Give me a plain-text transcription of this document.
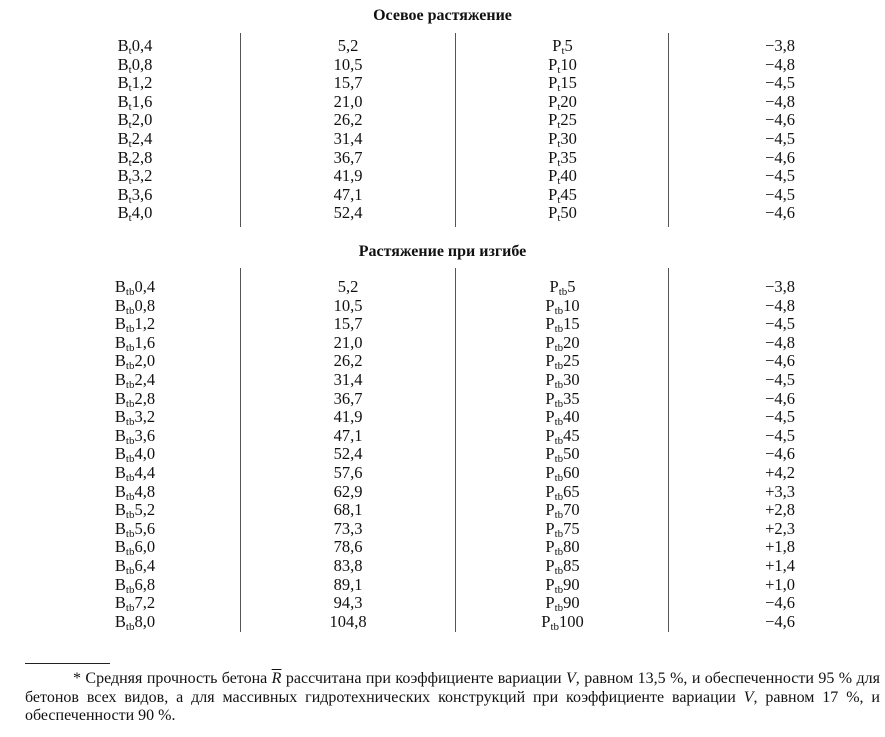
Осевое растяжение
$B_t0,4$	5,2	$P_t5$	−3,8
$B_t0,8$	10,5	$P_t10$	−4,8
$B_t1,2$	15,7	$P_t15$	−4,5
$B_t1,6$	21,0	$P_t20$	−4,8
$B_t2,0$	26,2	$P_t25$	−4,6
$B_t2,4$	31,4	$P_t30$	−4,5
$B_t2,8$	36,7	$P_t35$	−4,6
$B_t3,2$	41,9	$P_t40$	−4,5
$B_t3,6$	47,1	$P_t45$	−4,5
$B_t4,0$	52,4	$P_t50$	−4,6
Растяжение при изгибе
$B_{tb}0,4$	5,2	$P_{tb}5$	−3,8
$B_{tb}0,8$	10,5	$P_{tb}10$	−4,8
$B_{tb}1,2$	15,7	$P_{tb}15$	−4,5
$B_{tb}1,6$	21,0	$P_{tb}20$	−4,8
$B_{tb}2,0$	26,2	$P_{tb}25$	−4,6
$B_{tb}2,4$	31,4	$P_{tb}30$	−4,5
$B_{tb}2,8$	36,7	$P_{tb}35$	−4,6
$B_{tb}3,2$	41,9	$P_{tb}40$	−4,5
$B_{tb}3,6$	47,1	$P_{tb}45$	−4,5
$B_{tb}4,0$	52,4	$P_{tb}50$	−4,6
$B_{tb}4,4$	57,6	$P_{tb}60$	+4,2
$B_{tb}4,8$	62,9	$P_{tb}65$	+3,3
$B_{tb}5,2$	68,1	$P_{tb}70$	+2,8
$B_{tb}5,6$	73,3	$P_{tb}75$	+2,3
$B_{tb}6,0$	78,6	$P_{tb}80$	+1,8
$B_{tb}6,4$	83,8	$P_{tb}85$	+1,4
$B_{tb}6,8$	89,1	$P_{tb}90$	+1,0
$B_{tb}7,2$	94,3	$P_{tb}90$	−4,6
$B_{tb}8,0$	104,8	$P_{tb}100$	−4,6
* Средняя прочность бетона $\overline{R}$ рассчитана при коэффициенте вариации V, равном 13,5 %, и обеспеченности 95 % для бетонов всех видов, а для массивных гидротехнических конструкций при коэффициенте вариации V, равном 17 %, и обеспеченности 90 %.
